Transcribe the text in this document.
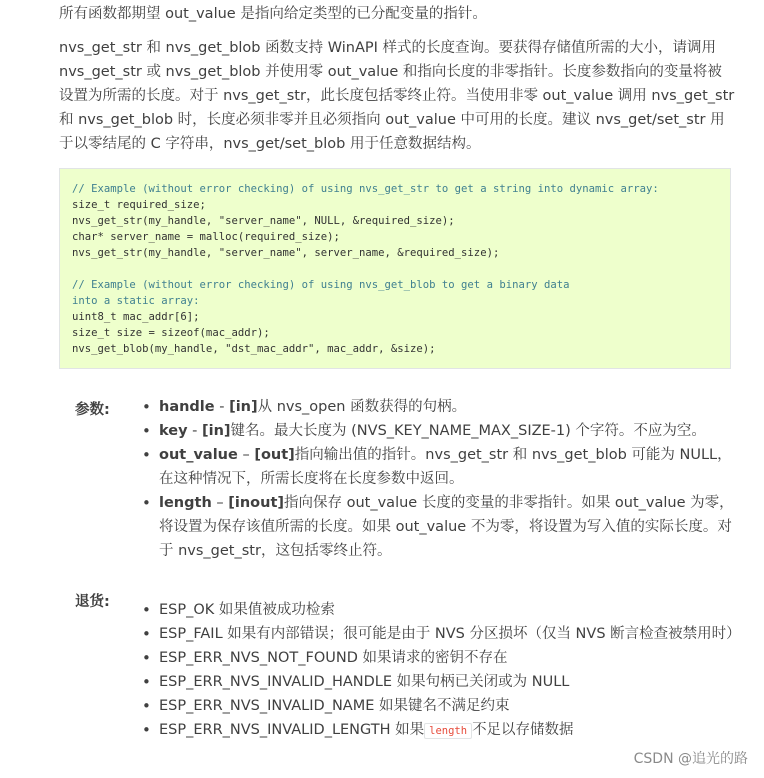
所有函数都期望 out_value 是指向给定类型的已分配变量的指针。

nvs_get_str 和 nvs_get_blob 函数支持 WinAPI 样式的长度查询。要获得存储值所需的大小，请调用 nvs_get_str 或 nvs_get_blob 并使用零 out_value 和指向长度的非零指针。长度参数指向的变量将被设置为所需的长度。对于 nvs_get_str，此长度包括零终止符。当使用非零 out_value 调用 nvs_get_str 和 nvs_get_blob 时，长度必须非零并且必须指向 out_value 中可用的长度。建议 nvs_get/set_str 用于以零结尾的 C 字符串，nvs_get/set_blob 用于任意数据结构。

// Example (without error checking) of using nvs_get_str to get a string into dynamic array:
size_t required_size;
nvs_get_str(my_handle, "server_name", NULL, &required_size);
char* server_name = malloc(required_size);
nvs_get_str(my_handle, "server_name", server_name, &required_size);
// Example (without error checking) of using nvs_get_blob to get a binary data
into a static array:
uint8_t mac_addr[6];
size_t size = sizeof(mac_addr);
nvs_get_blob(my_handle, "dst_mac_addr", mac_addr, &size);
参数:	• handle - [in]从 nvs_open 函数获得的句柄。
• key - [in]键名。最大长度为 (NVS_KEY_NAME_MAX_SIZE-1) 个字符。不应为空。
• out_value – [out]指向输出值的指针。nvs_get_str 和 nvs_get_blob 可能为 NULL，在这种情况下，所需长度将在长度参数中返回。
• length – [inout]指向保存 out_value 长度的变量的非零指针。如果 out_value 为零，将设置为保存该值所需的长度。如果 out_value 不为零，将设置为写入值的实际长度。对于 nvs_get_str，这包括零终止符。
退货:	• ESP_OK 如果值被成功检索
• ESP_FAIL 如果有内部错误；很可能是由于 NVS 分区损坏（仅当 NVS 断言检查被禁用时）
• ESP_ERR_NVS_NOT_FOUND 如果请求的密钥不存在
• ESP_ERR_NVS_INVALID_HANDLE 如果句柄已关闭或为 NULL
• ESP_ERR_NVS_INVALID_NAME 如果键名不满足约束
• ESP_ERR_NVS_INVALID_LENGTH 如果 length 不足以存储数据
CSDN @追光的路
